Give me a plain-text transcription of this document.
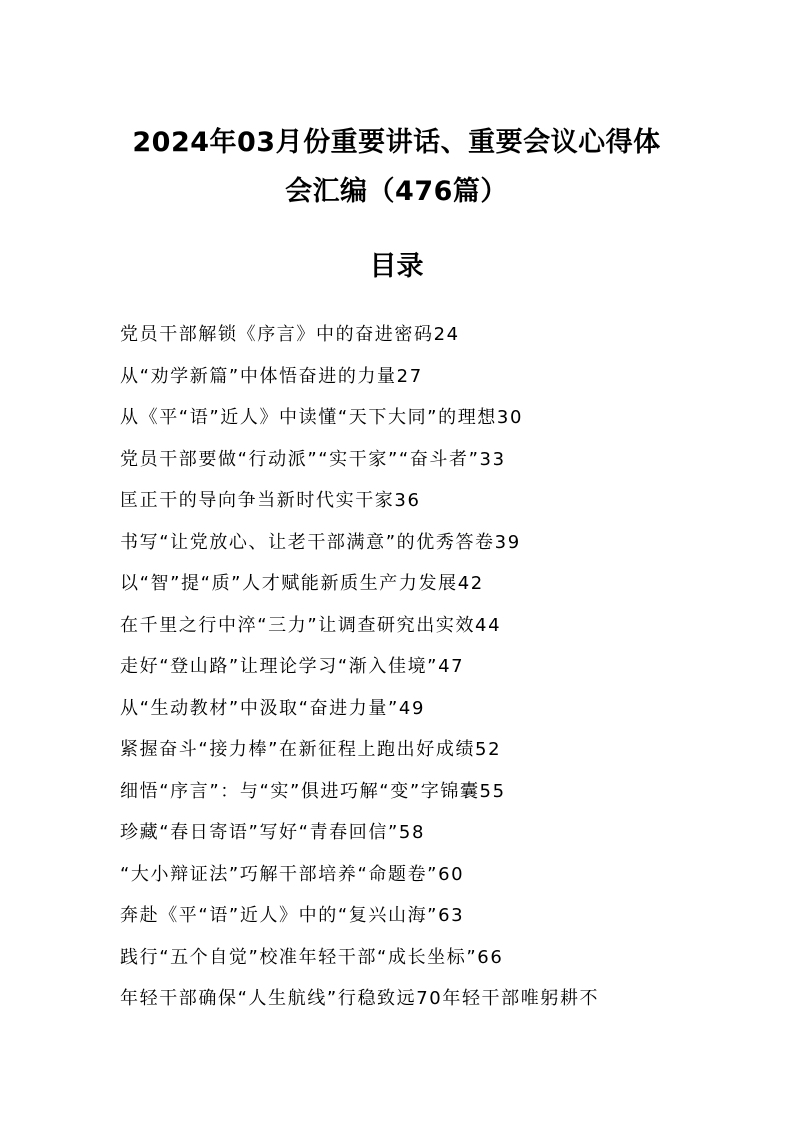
2024年03月份重要讲话、重要会议心得体
会汇编（476篇）
目录
党员干部解锁《序言》中的奋进密码24
从“劝学新篇”中体悟奋进的力量27
从《平“语”近人》中读懂“天下大同”的理想30
党员干部要做“行动派”“实干家”“奋斗者”33
匡正干的导向争当新时代实干家36
书写“让党放心、让老干部满意”的优秀答卷39
以“智”提“质”人才赋能新质生产力发展42
在千里之行中淬“三力”让调查研究出实效44
走好“登山路”让理论学习“渐入佳境”47
从“生动教材”中汲取“奋进力量”49
紧握奋斗“接力棒”在新征程上跑出好成绩52
细悟“序言”：与“实”俱进巧解“变”字锦囊55
珍藏“春日寄语”写好“青春回信”58
“大小辩证法”巧解干部培养“命题卷”60
奔赴《平“语”近人》中的“复兴山海”63
践行“五个自觉”校准年轻干部“成长坐标”66
年轻干部确保“人生航线”行稳致远70年轻干部唯躬耕不
